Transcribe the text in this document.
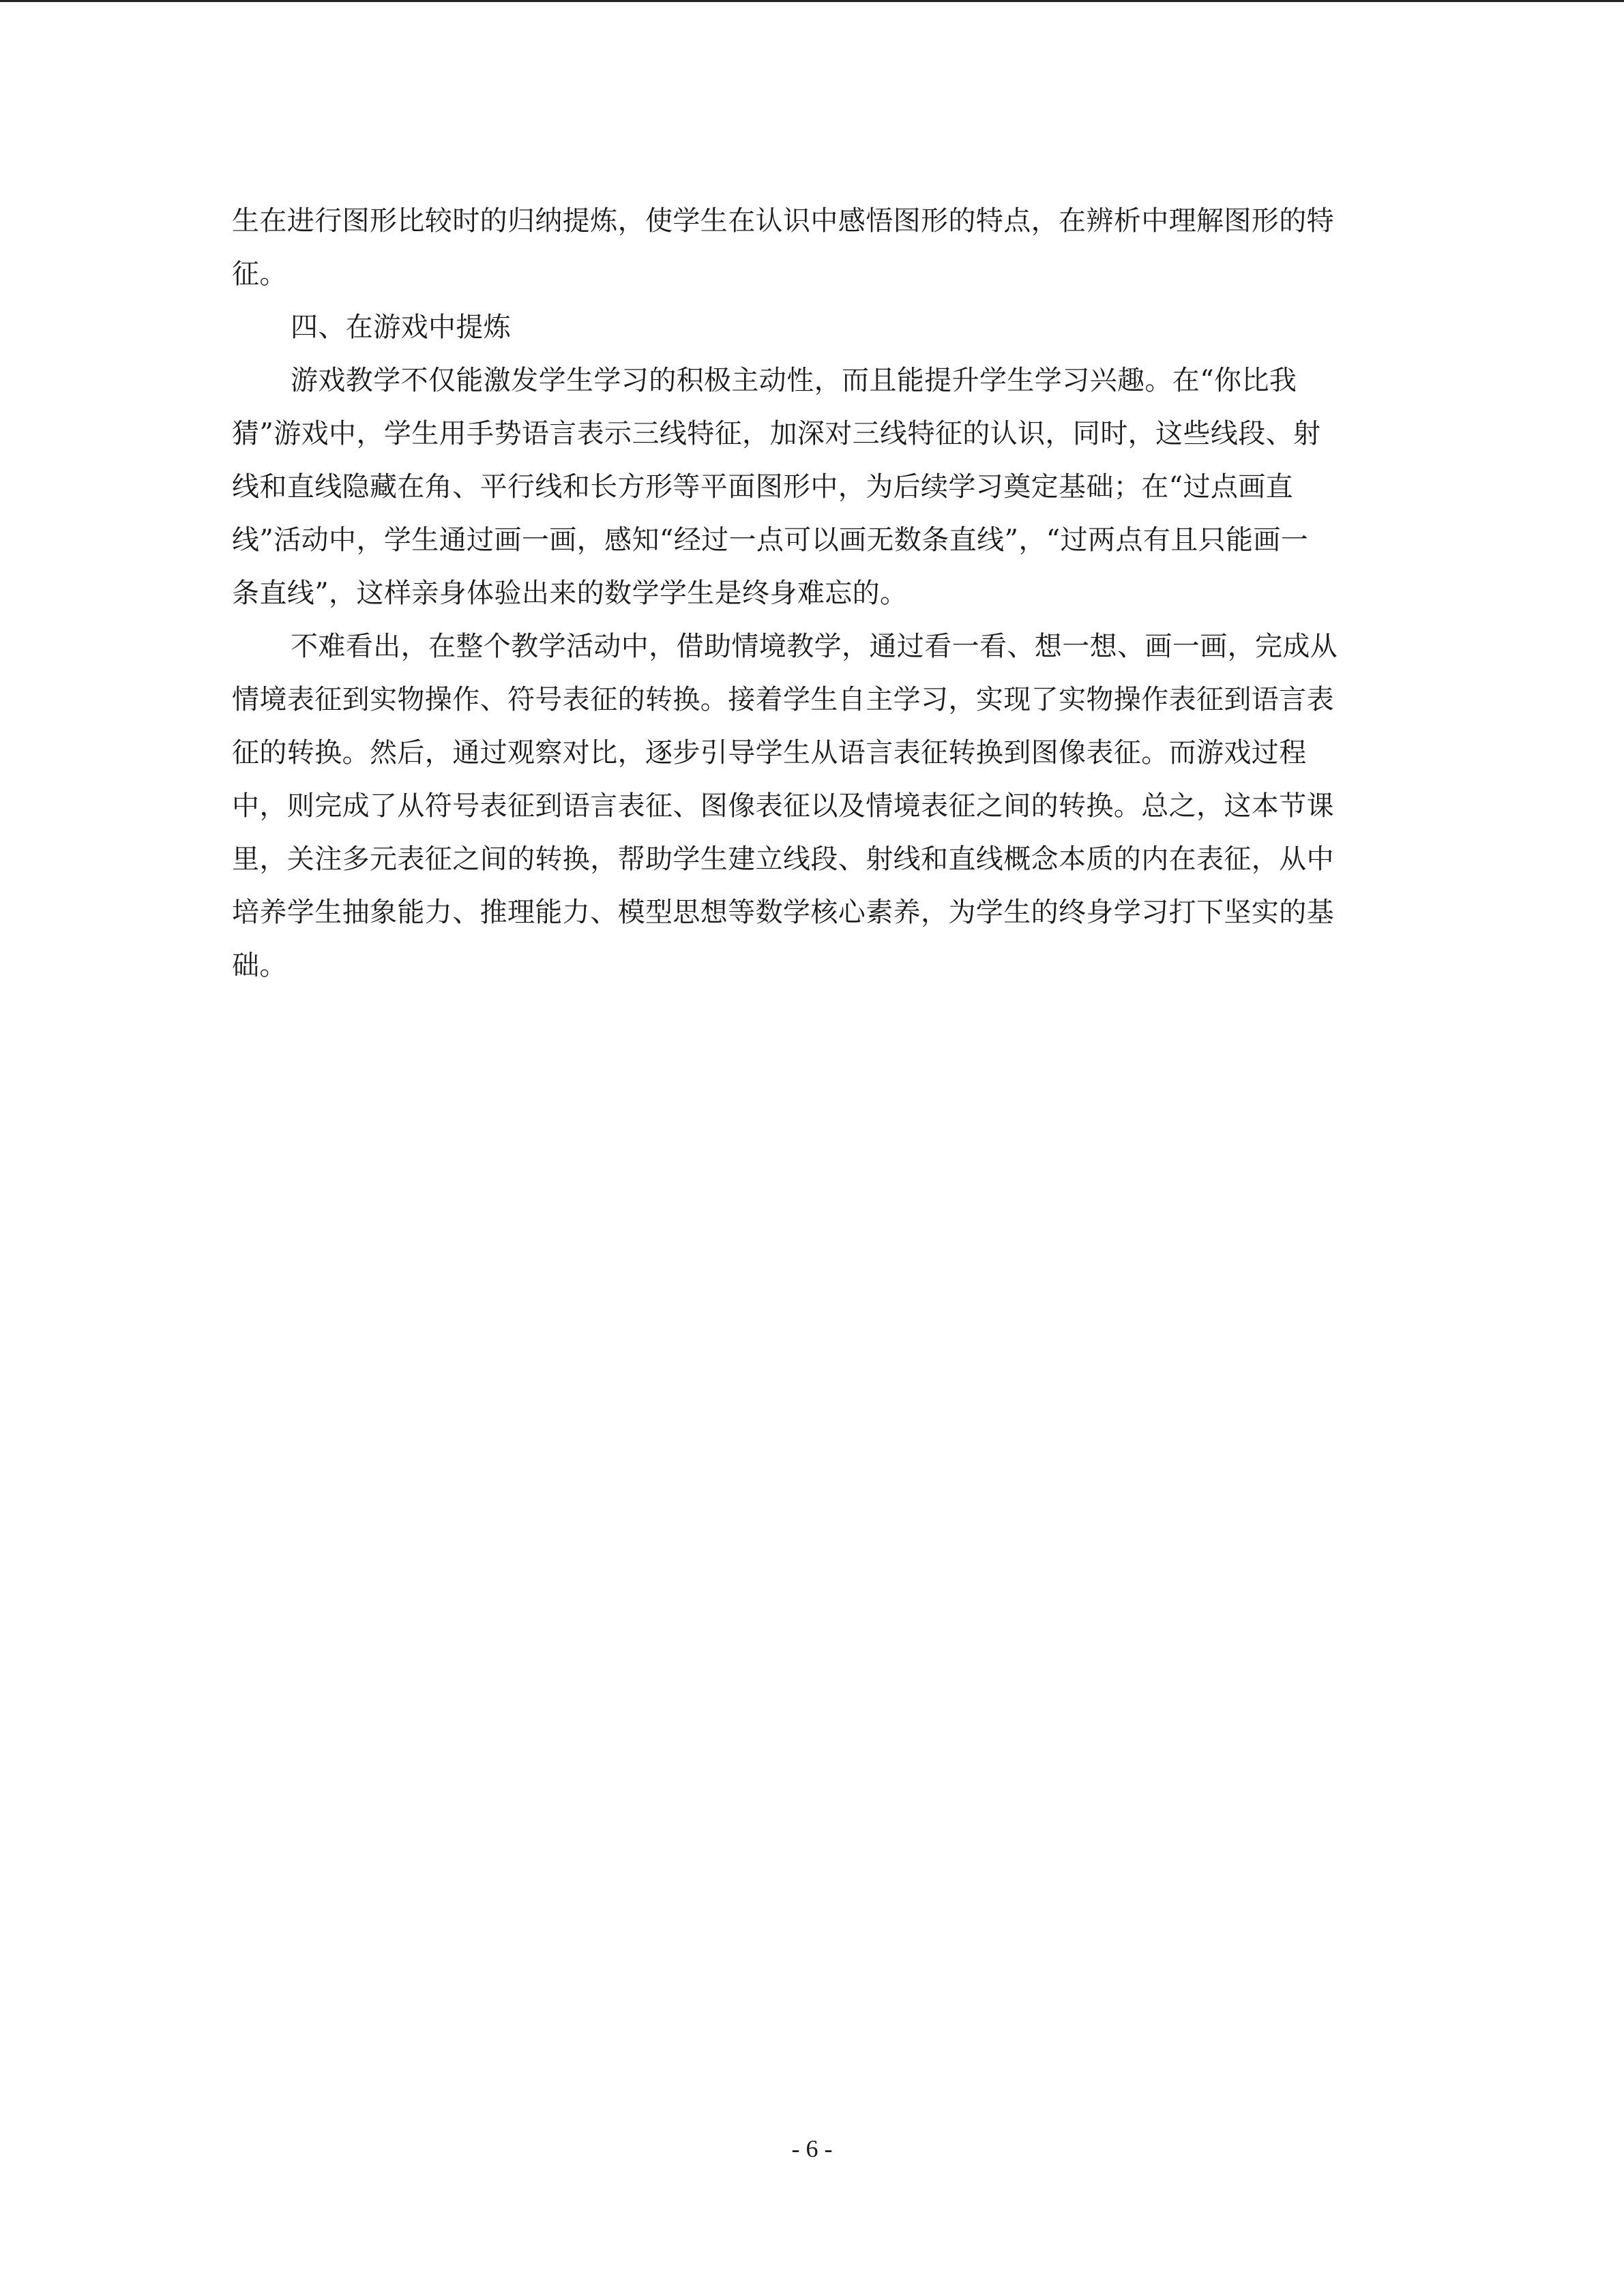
生在进行图形比较时的归纳提炼，使学生在认识中感悟图形的特点，在辨析中理解图形的特
征。
四、在游戏中提炼
游戏教学不仅能激发学生学习的积极主动性，而且能提升学生学习兴趣。在“你比我
猜”游戏中，学生用手势语言表示三线特征，加深对三线特征的认识，同时，这些线段、射
线和直线隐藏在角、平行线和长方形等平面图形中，为后续学习奠定基础；在“过点画直
线”活动中，学生通过画一画，感知“经过一点可以画无数条直线”，“过两点有且只能画一
条直线”，这样亲身体验出来的数学学生是终身难忘的。
不难看出，在整个教学活动中，借助情境教学，通过看一看、想一想、画一画，完成从
情境表征到实物操作、符号表征的转换。接着学生自主学习，实现了实物操作表征到语言表
征的转换。然后，通过观察对比，逐步引导学生从语言表征转换到图像表征。而游戏过程
中，则完成了从符号表征到语言表征、图像表征以及情境表征之间的转换。总之，这本节课
里，关注多元表征之间的转换，帮助学生建立线段、射线和直线概念本质的内在表征，从中
培养学生抽象能力、推理能力、模型思想等数学核心素养，为学生的终身学习打下坚实的基
础。
- 6 -
